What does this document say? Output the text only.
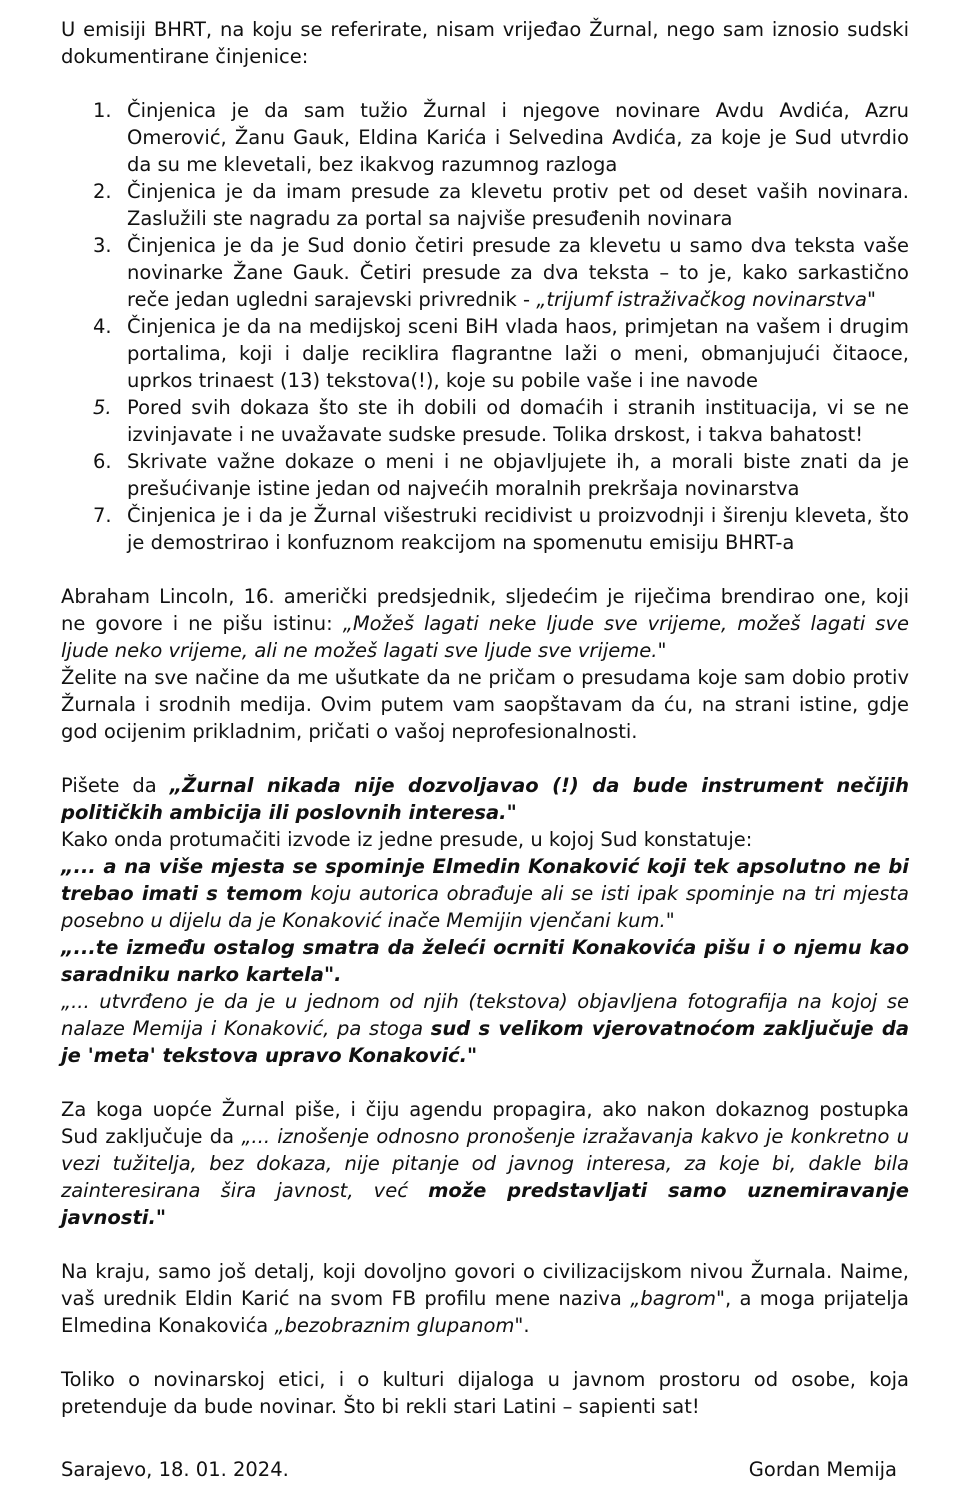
U emisiji BHRT, na koju se referirate, nisam vrijeđao Žurnal, nego sam iznosio sudski dokumentirane činjenice:

1. Činjenica je da sam tužio Žurnal i njegove novinare Avdu Avdića, Azru Omerović, Žanu Gauk, Eldina Karića i Selvedina Avdića, za koje je Sud utvrdio da su me klevetali, bez ikakvog razumnog razloga
2. Činjenica je da imam presude za klevetu protiv pet od deset vaših novinara. Zaslužili ste nagradu za portal sa najviše presuđenih novinara
3. Činjenica je da je Sud donio četiri presude za klevetu u samo dva teksta vaše novinarke Žane Gauk. Četiri presude za dva teksta – to je, kako sarkastično reče jedan ugledni sarajevski privrednik - „trijumf istraživačkog novinarstva"
4. Činjenica je da na medijskoj sceni BiH vlada haos, primjetan na vašem i drugim portalima, koji i dalje reciklira flagrantne laži o meni, obmanjujući čitaoce, uprkos trinaest (13) tekstova(!), koje su pobile vaše i ine navode
5. Pored svih dokaza što ste ih dobili od domaćih i stranih instituacija, vi se ne izvinjavate i ne uvažavate sudske presude. Tolika drskost, i takva bahatost!
6. Skrivate važne dokaze o meni i ne objavljujete ih, a morali biste znati da je prešućivanje istine jedan od najvećih moralnih prekršaja novinarstva
7. Činjenica je i da je Žurnal višestruki recidivist u proizvodnji i širenju kleveta, što je demostrirao i konfuznom reakcijom na spomenutu emisiju BHRT-a

Abraham Lincoln, 16. američki predsjednik, sljedećim je riječima brendirao one, koji ne govore i ne pišu istinu: „Možeš lagati neke ljude sve vrijeme, možeš lagati sve ljude neko vrijeme, ali ne možeš lagati sve ljude sve vrijeme."

Želite na sve načine da me ušutkate da ne pričam o presudama koje sam dobio protiv Žurnala i srodnih medija. Ovim putem vam saopštavam da ću, na strani istine, gdje god ocijenim prikladnim, pričati o vašoj neprofesionalnosti.

Pišete da „Žurnal nikada nije dozvoljavao (!) da bude instrument nečijih političkih ambicija ili poslovnih interesa."

Kako onda protumačiti izvode iz jedne presude, u kojoj Sud konstatuje:

„... a na više mjesta se spominje Elmedin Konaković koji tek apsolutno ne bi trebao imati s temom koju autorica obrađuje ali se isti ipak spominje na tri mjesta posebno u dijelu da je Konaković inače Memijin vjenčani kum."

„...te između ostalog smatra da želeći ocrniti Konakovića pišu i o njemu kao saradniku narko kartela".

„... utvrđeno je da je u jednom od njih (tekstova) objavljena fotografija na kojoj se nalaze Memija i Konaković, pa stoga sud s velikom vjerovatnoćom zaključuje da je 'meta' tekstova upravo Konaković."

Za koga uopće Žurnal piše, i čiju agendu propagira, ako nakon dokaznog postupka Sud zaključuje da „... iznošenje odnosno pronošenje izražavanja kakvo je konkretno u vezi tužitelja, bez dokaza, nije pitanje od javnog interesa, za koje bi, dakle bila zainteresirana šira javnost, već može predstavljati samo uznemiravanje javnosti."

Na kraju, samo još detalj, koji dovoljno govori o civilizacijskom nivou Žurnala. Naime, vaš urednik Eldin Karić na svom FB profilu mene naziva „bagrom", a moga prijatelja Elmedina Konakovića „bezobraznim glupanom".

Toliko o novinarskoj etici, i o kulturi dijaloga u javnom prostoru od osobe, koja pretenduje da bude novinar. Što bi rekli stari Latini – sapienti sat!

Sarajevo, 18. 01. 2024.	Gordan Memija
